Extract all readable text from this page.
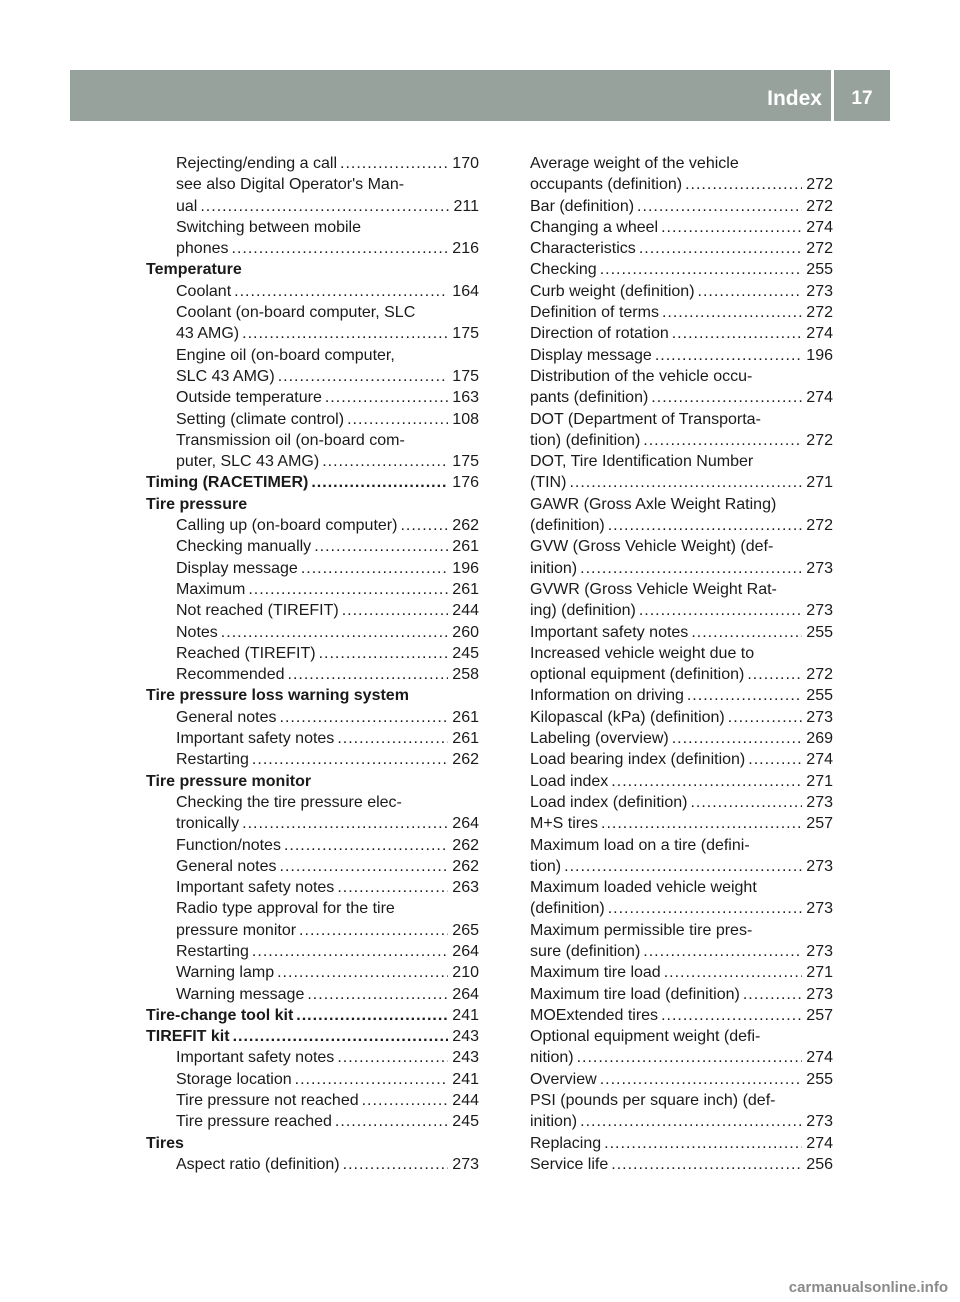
Index	17
Rejecting/ending a call .....	170
see also Digital Operator's Man-
ual .....	211
Switching between mobile
phones .....	216
Temperature
Coolant .....	164
Coolant (on-board computer, SLC
43 AMG) .....	175
Engine oil (on-board computer,
SLC 43 AMG) .....	175
Outside temperature .....	163
Setting (climate control) .....	108
Transmission oil (on-board com-
puter, SLC 43 AMG) .....	175
Timing (RACETIMER) .....	176
Tire pressure
Calling up (on-board computer) .....	262
Checking manually .....	261
Display message .....	196
Maximum .....	261
Not reached (TIREFIT) .....	244
Notes .....	260
Reached (TIREFIT) .....	245
Recommended .....	258
Tire pressure loss warning system
General notes .....	261
Important safety notes .....	261
Restarting .....	262
Tire pressure monitor
Checking the tire pressure elec-
tronically .....	264
Function/notes .....	262
General notes .....	262
Important safety notes .....	263
Radio type approval for the tire
pressure monitor .....	265
Restarting .....	264
Warning lamp .....	210
Warning message .....	264
Tire-change tool kit .....	241
TIREFIT kit .....	243
Important safety notes .....	243
Storage location .....	241
Tire pressure not reached .....	244
Tire pressure reached .....	245
Tires
Aspect ratio (definition) .....	273
Average weight of the vehicle
occupants (definition) .....	272
Bar (definition) .....	272
Changing a wheel .....	274
Characteristics .....	272
Checking .....	255
Curb weight (definition) .....	273
Definition of terms .....	272
Direction of rotation .....	274
Display message .....	196
Distribution of the vehicle occu-
pants (definition) .....	274
DOT (Department of Transporta-
tion) (definition) .....	272
DOT, Tire Identification Number
(TIN) .....	271
GAWR (Gross Axle Weight Rating)
(definition) .....	272
GVW (Gross Vehicle Weight) (def-
inition) .....	273
GVWR (Gross Vehicle Weight Rat-
ing) (definition) .....	273
Important safety notes .....	255
Increased vehicle weight due to
optional equipment (definition) .....	272
Information on driving .....	255
Kilopascal (kPa) (definition) .....	273
Labeling (overview) .....	269
Load bearing index (definition) .....	274
Load index .....	271
Load index (definition) .....	273
M+S tires .....	257
Maximum load on a tire (defini-
tion) .....	273
Maximum loaded vehicle weight
(definition) .....	273
Maximum permissible tire pres-
sure (definition) .....	273
Maximum tire load .....	271
Maximum tire load (definition) .....	273
MOExtended tires .....	257
Optional equipment weight (defi-
nition) .....	274
Overview .....	255
PSI (pounds per square inch) (def-
inition) .....	273
Replacing .....	274
Service life .....	256
carmanualsonline.info
